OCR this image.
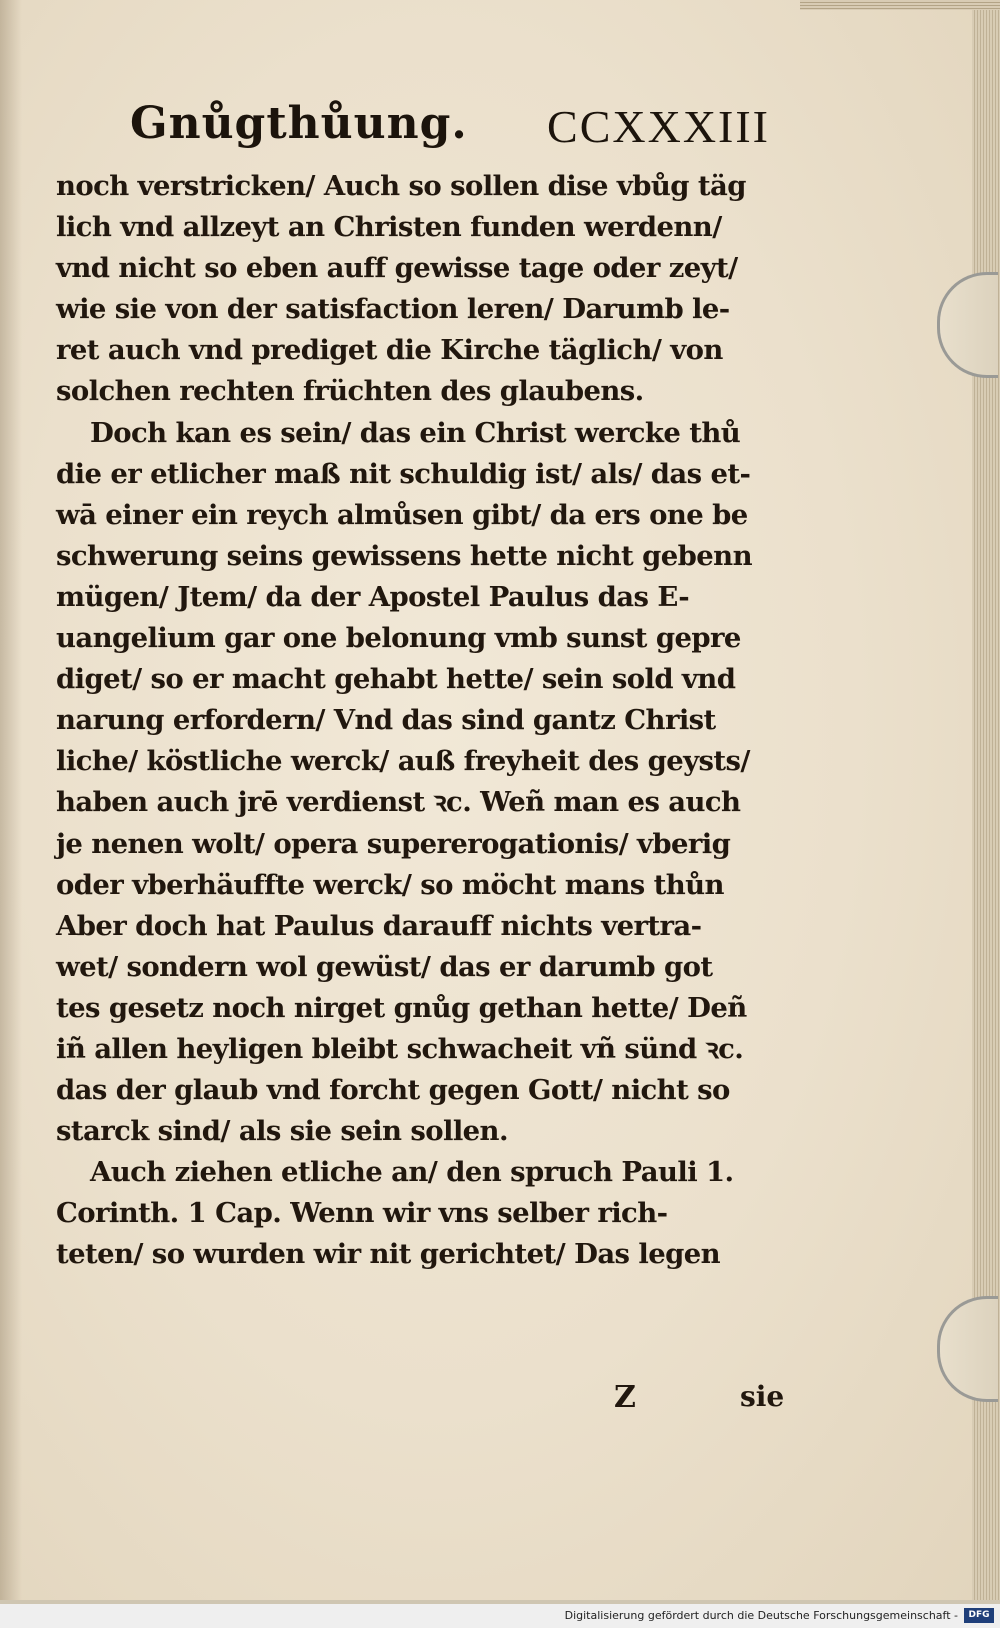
Gnůgthůung. CCXXXIII
noch verstricken/ Auch so sollen dise vbůg täg
lich vnd allzeyt an Christen funden werdenn/
vnd nicht so eben auff gewisse tage oder zeyt/
wie sie von der satisfaction leren/ Darumb le-
ret auch vnd prediget die Kirche täglich/ von
solchen rechten früchten des glaubens.
Doch kan es sein/ das ein Christ wercke thů
die er etlicher maß nit schuldig ist/ als/ das et-
wā einer ein reych almůsen gibt/ da ers one be
schwerung seins gewissens hette nicht gebenn
mügen/ Jtem/ da der Apostel Paulus das E-
uangelium gar one belonung vmb sunst gepre
diget/ so er macht gehabt hette/ sein sold vnd
narung erfordern/ Vnd das sind gantz Christ
liche/ köstliche werck/ auß freyheit des geysts/
haben auch jrē verdienst ꝛc. Weñ man es auch
je nenen wolt/ opera supererogationis/ vberig
oder vberhäuffte werck/ so möcht mans thůn
Aber doch hat Paulus darauff nichts vertra-
wet/ sondern wol gewüst/ das er darumb got
tes gesetz noch nirget gnůg gethan hette/ Deñ
iñ allen heyligen bleibt schwacheit vñ sünd ꝛc.
das der glaub vnd forcht gegen Gott/ nicht so
starck sind/ als sie sein sollen.
Auch ziehen etliche an/ den spruch Pauli 1.
Corinth. 1 Cap. Wenn wir vns selber rich-
teten/ so wurden wir nit gerichtet/ Das legen
Z	sie
Digitalisierung gefördert durch die Deutsche Forschungsgemeinschaft -	DFG
